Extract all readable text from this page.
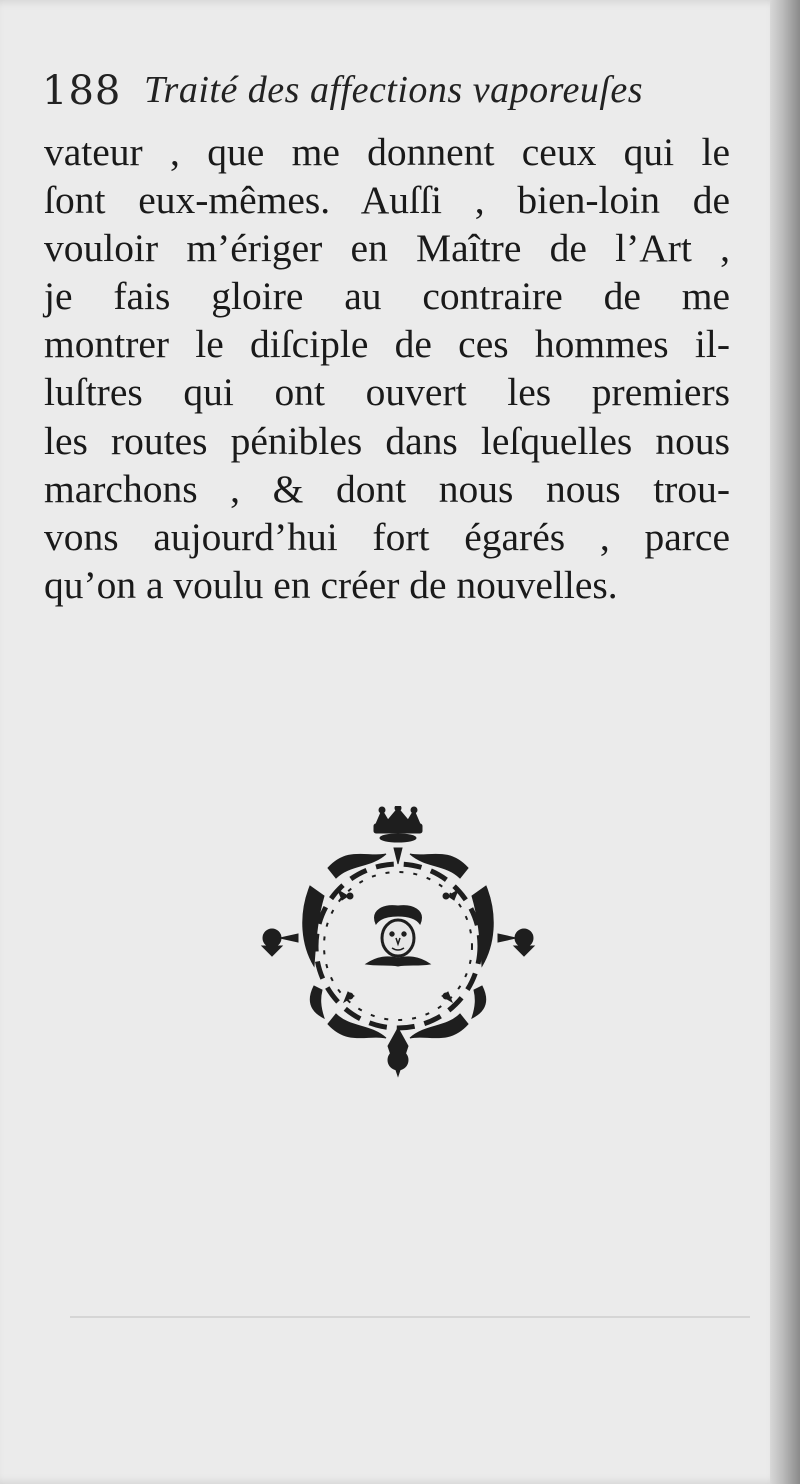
188 Traité des affections vaporeuſes
vateur , que me donnent ceux qui le
ſont eux-mêmes. Auſſi , bien-loin de
vouloir m’ériger en Maître de l’Art ,
je fais gloire au contraire de me
montrer le diſciple de ces hommes il-
luſtres qui ont ouvert les premiers
les routes pénibles dans leſquelles nous
marchons , & dont nous nous trou-
vons aujourd’hui fort égarés , parce
qu’on a voulu en créer de nouvelles.
